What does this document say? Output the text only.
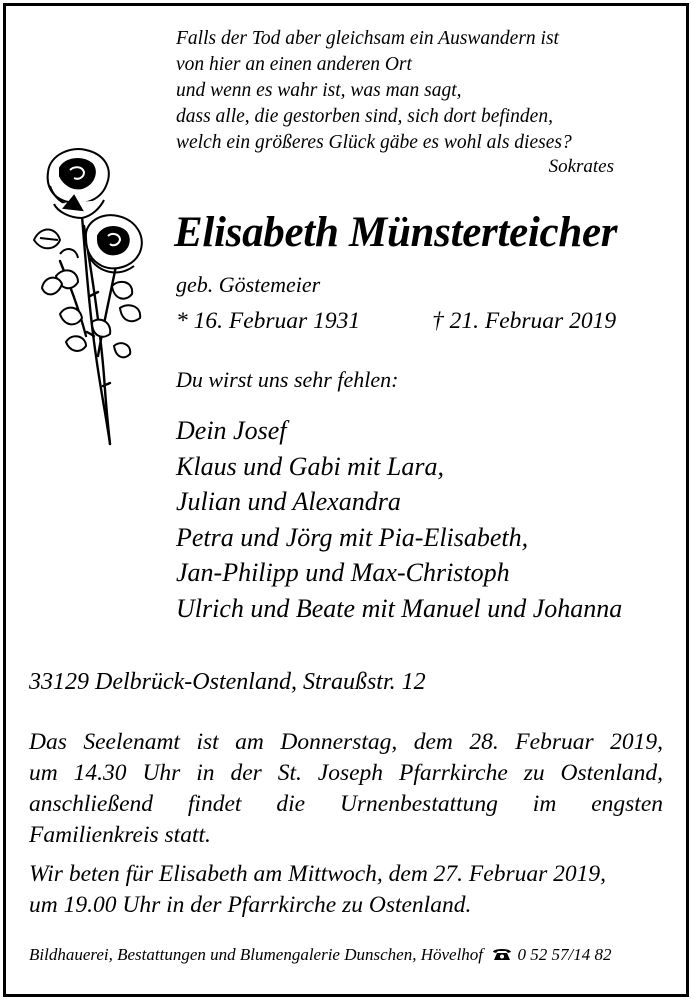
Falls der Tod aber gleichsam ein Auswandern ist
von hier an einen anderen Ort
und wenn es wahr ist, was man sagt,
dass alle, die gestorben sind, sich dort befinden,
welch ein größeres Glück gäbe es wohl als dieses?
Sokrates
Elisabeth Münsterteicher
geb. Göstemeier
* 16. Februar 1931	† 21. Februar 2019
Du wirst uns sehr fehlen:
Dein Josef
Klaus und Gabi mit Lara,
Julian und Alexandra
Petra und Jörg mit Pia-Elisabeth,
Jan-Philipp und Max-Christoph
Ulrich und Beate mit Manuel und Johanna
33129 Delbrück-Ostenland, Straußstr. 12
Das Seelenamt ist am Donnerstag, dem 28. Februar 2019,
um 14.30 Uhr in der St. Joseph Pfarrkirche zu Ostenland,
anschließend findet die Urnenbestattung im engsten
Familienkreis statt.
Wir beten für Elisabeth am Mittwoch, dem 27. Februar 2019,
um 19.00 Uhr in der Pfarrkirche zu Ostenland.
Bildhauerei, Bestattungen und Blumengalerie Dunschen, Hövelhof 0 52 57/14 82
